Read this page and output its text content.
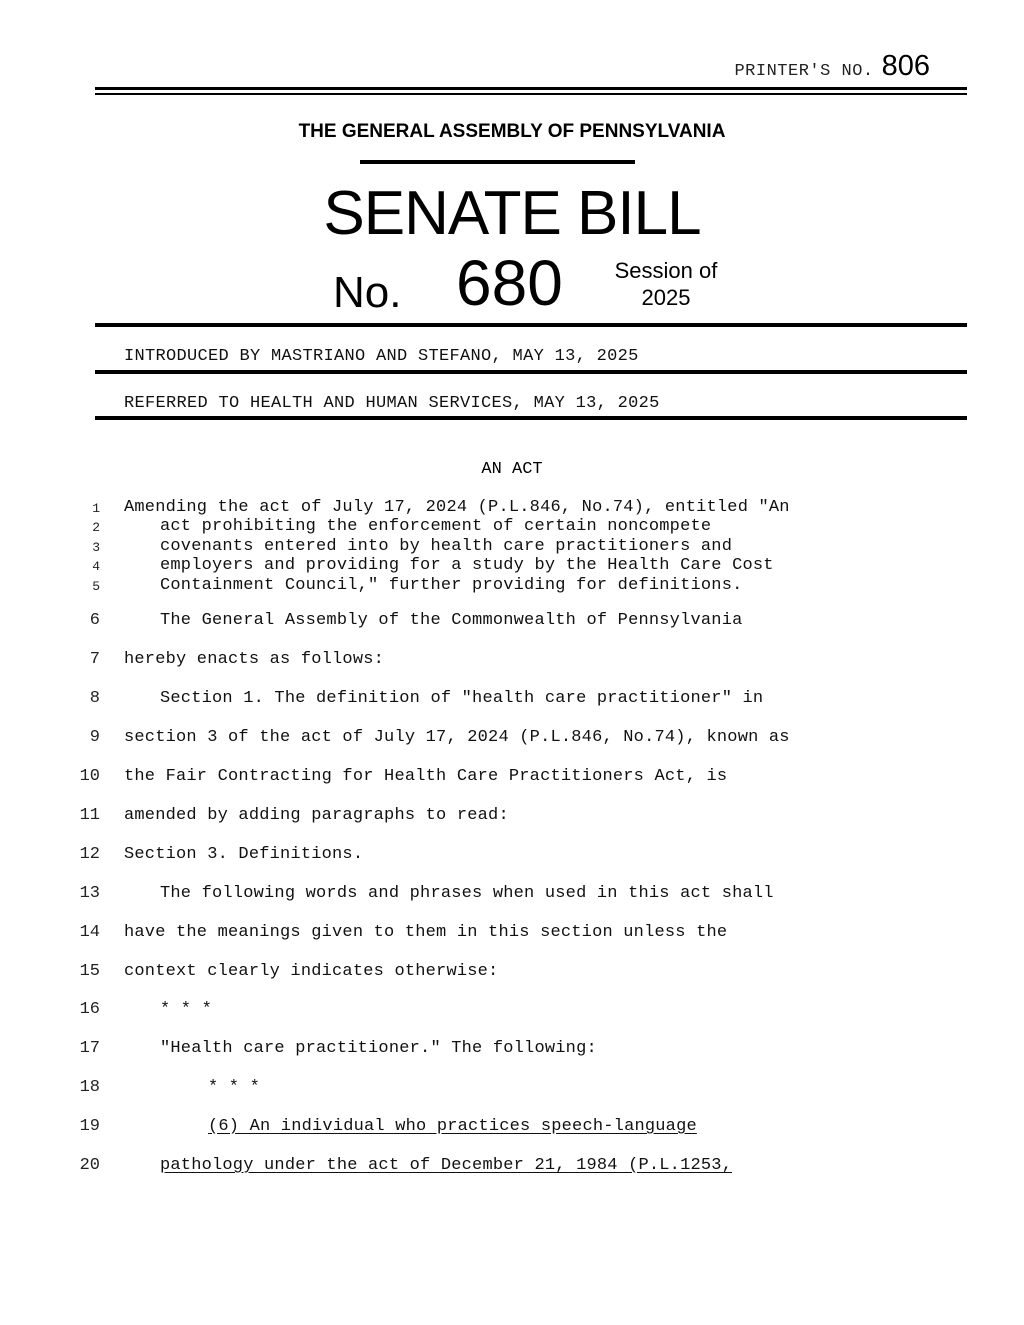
PRINTER'S NO. 806
THE GENERAL ASSEMBLY OF PENNSYLVANIA
SENATE BILL
No. 680	Session of
2025
INTRODUCED BY MASTRIANO AND STEFANO, MAY 13, 2025
REFERRED TO HEALTH AND HUMAN SERVICES, MAY 13, 2025
AN ACT
1 Amending the act of July 17, 2024 (P.L.846, No.74), entitled "An
2	act prohibiting the enforcement of certain noncompete
3	covenants entered into by health care practitioners and
4	employers and providing for a study by the Health Care Cost
5	Containment Council," further providing for definitions.
6	The General Assembly of the Commonwealth of Pennsylvania
7 hereby enacts as follows:
8	Section 1. The definition of "health care practitioner" in
9 section 3 of the act of July 17, 2024 (P.L.846, No.74), known as
10 the Fair Contracting for Health Care Practitioners Act, is
11 amended by adding paragraphs to read:
12 Section 3. Definitions.
13	The following words and phrases when used in this act shall
14 have the meanings given to them in this section unless the
15 context clearly indicates otherwise:
16	* * *
17	"Health care practitioner." The following:
18	* * *
19	(6) An individual who practices speech-language
20	pathology under the act of December 21, 1984 (P.L.1253,
